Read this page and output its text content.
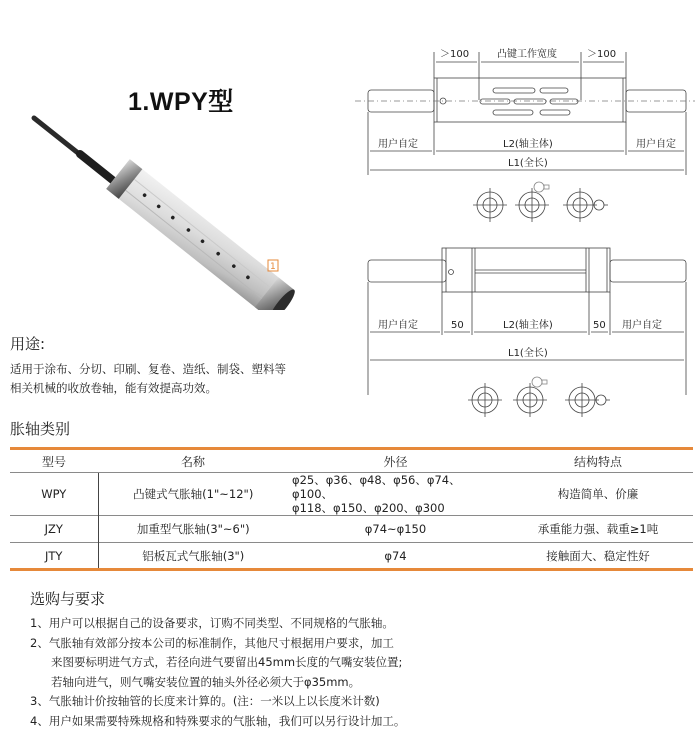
1.WPY型
1
＞100	凸键工作宽度	＞100
用户自定	L2(轴主体)	用户自定
L1(全长)
用户自定	50	L2(轴主体)	50 用户自定
L1(全长)
用途:
适用于涂布、分切、印刷、复卷、造纸、制袋、塑料等
相关机械的收放卷轴，能有效提高功效。
胀轴类别
型号	名称	外径	结构特点
WPY	凸键式气胀轴(1"~12")	φ25、φ36、φ48、φ56、φ74、φ100、
φ118、φ150、φ200、φ300	构造简单、价廉
JZY	加重型气胀轴(3"~6")	φ74~φ150	承重能力强、载重≥1吨
JTY	铝板瓦式气胀轴(3")	φ74	接触面大、稳定性好
选购与要求
1、用户可以根据自己的设备要求，订购不同类型、不同规格的气胀轴。
2、气胀轴有效部分按本公司的标准制作，其他尺寸根据用户要求，加工
来图要标明进气方式，若径向进气要留出45mm长度的气嘴安装位置;
若轴向进气，则气嘴安装位置的轴头外径必须大于φ35mm。
3、气胀轴计价按轴管的长度来计算的。(注：一米以上以长度米计数)
4、用户如果需要特殊规格和特殊要求的气胀轴，我们可以另行设计加工。
